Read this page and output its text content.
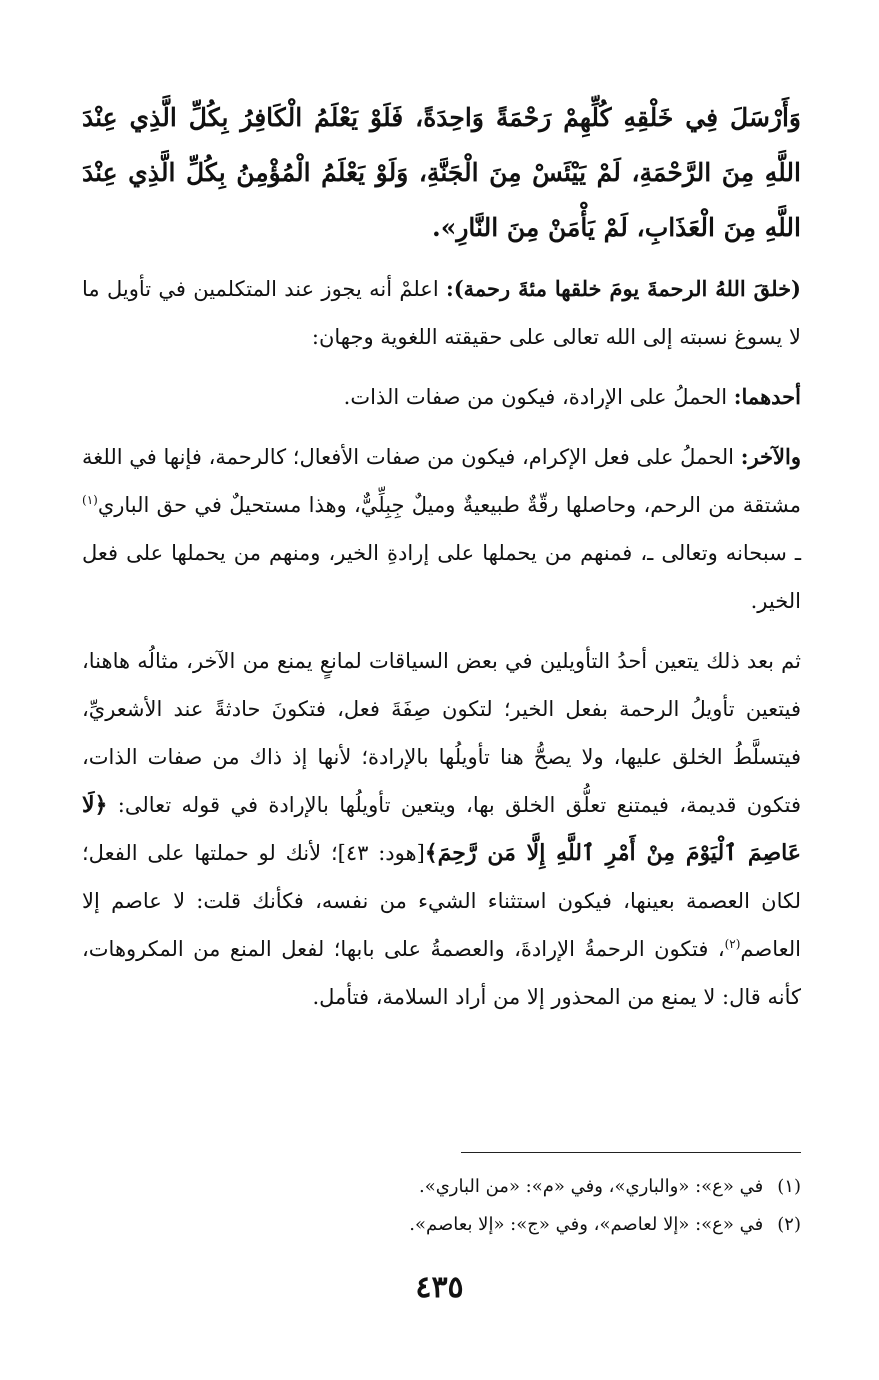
وَأَرْسَلَ فِي خَلْقِهِ كُلِّهِمْ رَحْمَةً وَاحِدَةً، فَلَوْ يَعْلَمُ الْكَافِرُ بِكُلِّ الَّذِي عِنْدَ اللَّهِ مِنَ الرَّحْمَةِ، لَمْ يَيْئَسْ مِنَ الْجَنَّةِ، وَلَوْ يَعْلَمُ الْمُؤْمِنُ بِكُلِّ الَّذِي عِنْدَ اللَّهِ مِنَ الْعَذَابِ، لَمْ يَأْمَنْ مِنَ النَّارِ».

(خلقَ اللهُ الرحمةَ يومَ خلقها مئةَ رحمة): اعلمْ أنه يجوز عند المتكلمين في تأويل ما لا يسوغ نسبته إلى الله تعالى على حقيقته اللغوية وجهان:

أحدهما: الحملُ على الإرادة، فيكون من صفات الذات.

والآخر: الحملُ على فعل الإكرام، فيكون من صفات الأفعال؛ كالرحمة، فإنها في اللغة مشتقة من الرحم، وحاصلها رقّةٌ طبيعيةٌ وميلٌ جِبِلِّيٌّ، وهذا مستحيلٌ في حق الباري$^{(١)}$ ـ سبحانه وتعالى ـ، فمنهم من يحملها على إرادةِ الخير، ومنهم من يحملها على فعل الخير.

ثم بعد ذلك يتعين أحدُ التأويلين في بعض السياقات لمانعٍ يمنع من الآخر، مثالُه هاهنا، فيتعين تأويلُ الرحمة بفعل الخير؛ لتكون صِفَةَ فعل، فتكونَ حادثةً عند الأشعريِّ، فيتسلَّطُ الخلق عليها، ولا يصحُّ هنا تأويلُها بالإرادة؛ لأنها إذ ذاك من صفات الذات، فتكون قديمة، فيمتنع تعلُّق الخلق بها، ويتعين تأويلُها بالإرادة في قوله تعالى: ﴿لَا عَاصِمَ ٱلْيَوْمَ مِنْ أَمْرِ ٱللَّهِ إِلَّا مَن رَّحِمَ﴾[هود: ٤٣]؛ لأنك لو حملتها على الفعل؛ لكان العصمة بعينها، فيكون استثناء الشيء من نفسه، فكأنك قلت: لا عاصم إلا العاصم$^{(٢)}$، فتكون الرحمةُ الإرادةَ، والعصمةُ على بابها؛ لفعل المنع من المكروهات، كأنه قال: لا يمنع من المحذور إلا من أراد السلامة، فتأمل.

(١)في «ع»: «والباري»، وفي «م»: «من الباري».
(٢)في «ع»: «إلا لعاصم»، وفي «ج»: «إلا بعاصم».
٤٣٥
